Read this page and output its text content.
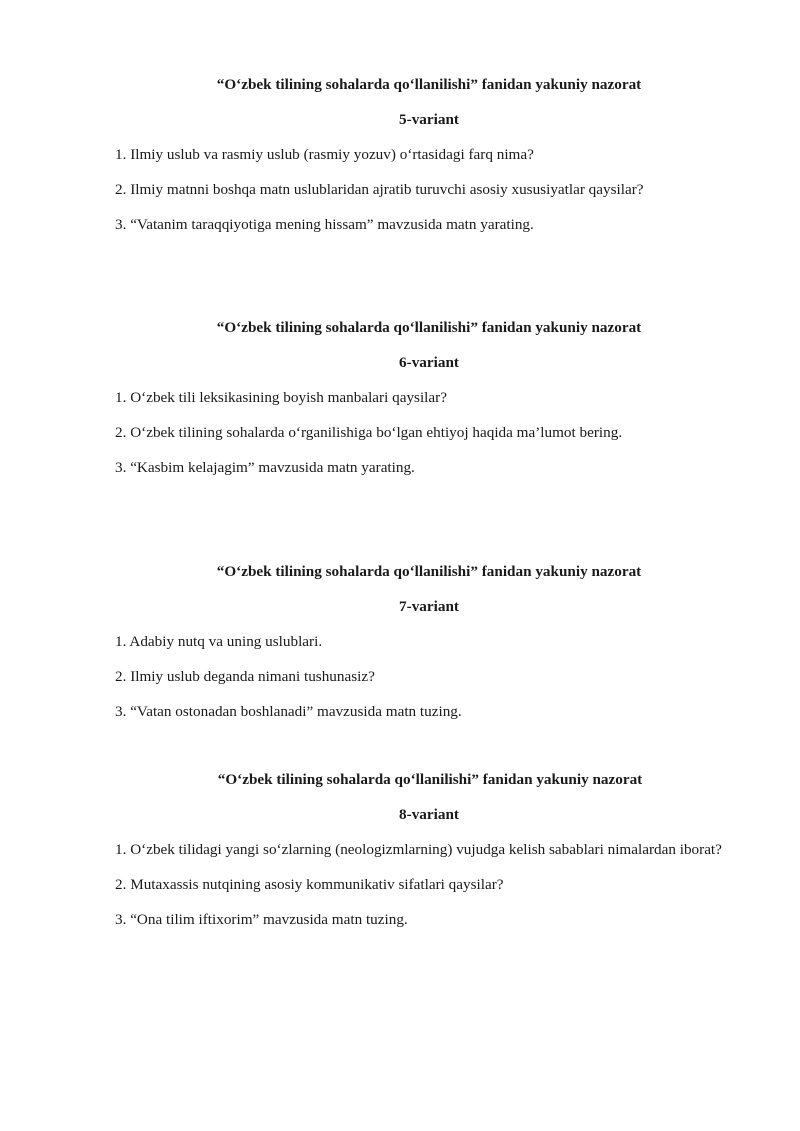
“O‘zbek tilining sohalarda qo‘llanilishi” fanidan yakuniy nazorat

5-variant

1. Ilmiy uslub va rasmiy uslub (rasmiy yozuv) o‘rtasidagi farq nima?

2. Ilmiy matnni boshqa matn uslublaridan ajratib turuvchi asosiy xususiyatlar qaysilar?

3. “Vatanim taraqqiyotiga mening hissam” mavzusida matn yarating.

“O‘zbek tilining sohalarda qo‘llanilishi” fanidan yakuniy nazorat

6-variant

1. O‘zbek tili leksikasining boyish manbalari qaysilar?

2. O‘zbek tilining sohalarda o‘rganilishiga bo‘lgan ehtiyoj haqida ma’lumot bering.

3. “Kasbim kelajagim” mavzusida matn yarating.

“O‘zbek tilining sohalarda qo‘llanilishi” fanidan yakuniy nazorat

7-variant

1. Adabiy nutq va uning uslublari.

2. Ilmiy uslub deganda nimani tushunasiz?

3. “Vatan ostonadan boshlanadi” mavzusida matn tuzing.

“O‘zbek tilining sohalarda qo‘llanilishi” fanidan yakuniy nazorat

8-variant

1. O‘zbek tilidagi yangi so‘zlarning (neologizmlarning) vujudga kelish sabablari nimalardan iborat?

2. Mutaxassis nutqining asosiy kommunikativ sifatlari qaysilar?

3. “Ona tilim iftixorim” mavzusida matn tuzing.
